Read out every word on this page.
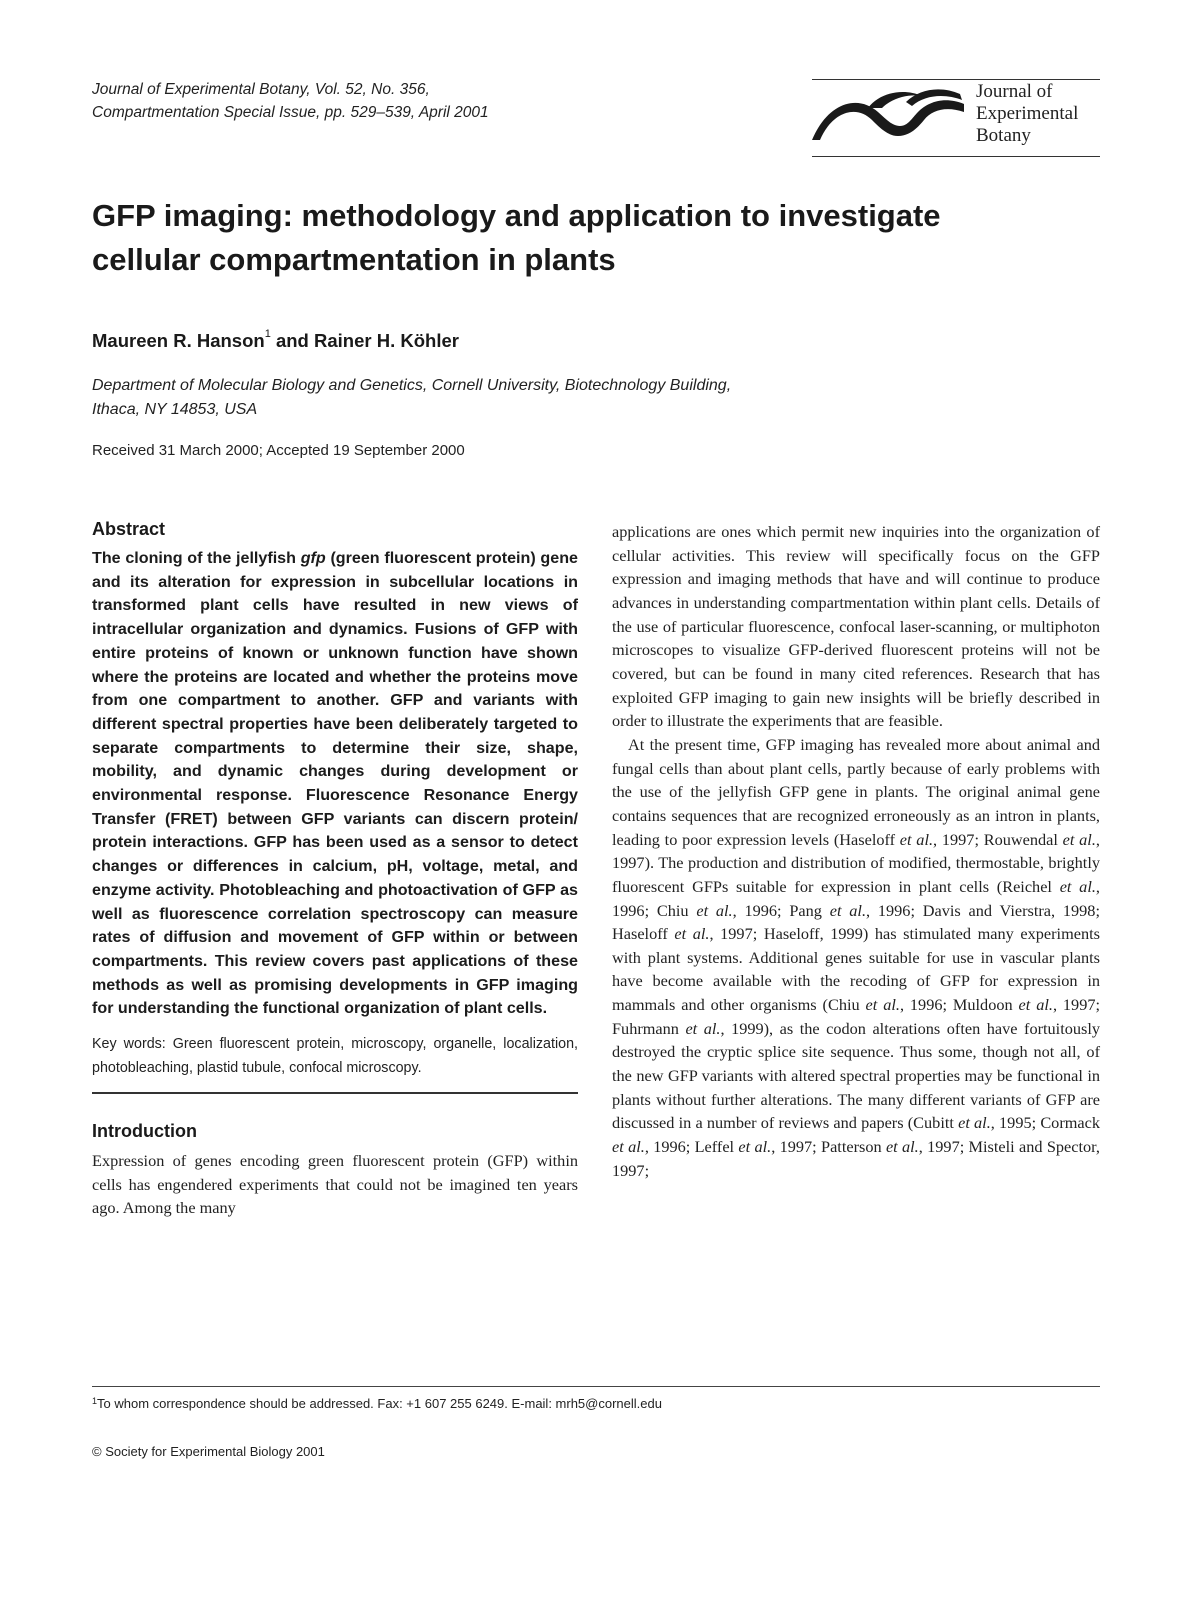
Journal of Experimental Botany, Vol. 52, No. 356,
Compartmentation Special Issue, pp. 529–539, April 2001
Journal of
Experimental
Botany
GFP imaging: methodology and application to investigate
cellular compartmentation in plants
Maureen R. Hanson$^1$ and Rainer H. Köhler
Department of Molecular Biology and Genetics, Cornell University, Biotechnology Building,
Ithaca, NY 14853, USA
Received 31 March 2000; Accepted 19 September 2000
Abstract

The cloning of the jellyfish gfp (green fluorescent protein) gene and its alteration for expression in subcellular locations in transformed plant cells have resulted in new views of intracellular organization and dynamics. Fusions of GFP with entire proteins of known or unknown function have shown where the proteins are located and whether the proteins move from one compartment to another. GFP and variants with different spectral properties have been deliberately targeted to separate compartments to determine their size, shape, mobility, and dynamic changes during development or environmental response. Fluorescence Resonance Energy Transfer (FRET) between GFP variants can discern protein/ protein interactions. GFP has been used as a sensor to detect changes or differences in calcium, pH, voltage, metal, and enzyme activity. Photobleaching and photoactivation of GFP as well as fluorescence correlation spectroscopy can measure rates of diffusion and movement of GFP within or between compartments. This review covers past applications of these methods as well as promising developments in GFP imaging for understanding the functional organization of plant cells.

Key words: Green fluorescent protein, microscopy, organelle, localization, photobleaching, plastid tubule, confocal microscopy.

Introduction

Expression of genes encoding green fluorescent protein (GFP) within cells has engendered experiments that could not be imagined ten years ago. Among the many

applications are ones which permit new inquiries into the organization of cellular activities. This review will specifically focus on the GFP expression and imaging methods that have and will continue to produce advances in understanding compartmentation within plant cells. Details of the use of particular fluorescence, confocal laser-scanning, or multiphoton microscopes to visualize GFP-derived fluorescent proteins will not be covered, but can be found in many cited references. Research that has exploited GFP imaging to gain new insights will be briefly described in order to illustrate the experiments that are feasible.

At the present time, GFP imaging has revealed more about animal and fungal cells than about plant cells, partly because of early problems with the use of the jellyfish GFP gene in plants. The original animal gene contains sequences that are recognized erroneously as an intron in plants, leading to poor expression levels (Haseloff et al., 1997; Rouwendal et al., 1997). The production and distribution of modified, thermostable, brightly fluorescent GFPs suitable for expression in plant cells (Reichel et al., 1996; Chiu et al., 1996; Pang et al., 1996; Davis and Vierstra, 1998; Haseloff et al., 1997; Haseloff, 1999) has stimulated many experiments with plant systems. Additional genes suitable for use in vascular plants have become available with the recoding of GFP for expression in mammals and other organisms (Chiu et al., 1996; Muldoon et al., 1997; Fuhrmann et al., 1999), as the codon alterations often have fortuitously destroyed the cryptic splice site sequence. Thus some, though not all, of the new GFP variants with altered spectral properties may be functional in plants without further alterations. The many different variants of GFP are discussed in a number of reviews and papers (Cubitt et al., 1995; Cormack et al., 1996; Leffel et al., 1997; Patterson et al., 1997; Misteli and Spector, 1997;

$^1$To whom correspondence should be addressed. Fax: +1 607 255 6249. E-mail: mrh5@cornell.edu
© Society for Experimental Biology 2001
